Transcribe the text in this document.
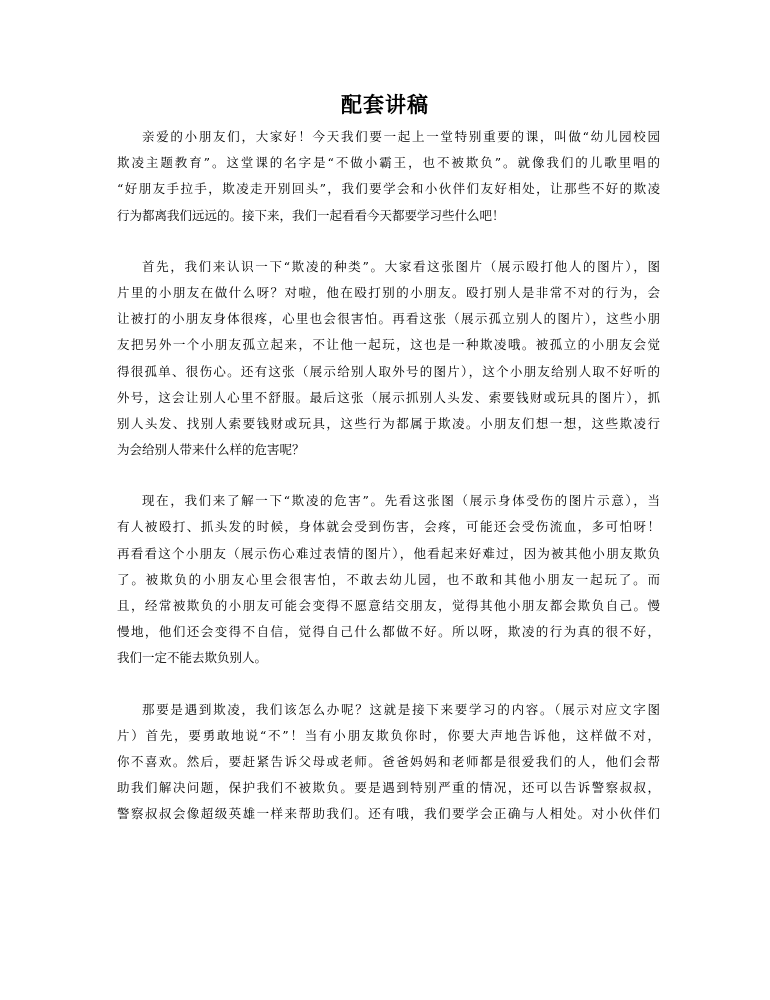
配套讲稿
亲爱的小朋友们，大家好！今天我们要一起上一堂特别重要的课，叫做“幼儿园校园
欺凌主题教育”。这堂课的名字是“不做小霸王，也不被欺负”。就像我们的儿歌里唱的
“好朋友手拉手，欺凌走开别回头”，我们要学会和小伙伴们友好相处，让那些不好的欺凌
行为都离我们远远的。接下来，我们一起看看今天都要学习些什么吧！
首先，我们来认识一下“欺凌的种类”。大家看这张图片（展示殴打他人的图片），图
片里的小朋友在做什么呀？对啦，他在殴打别的小朋友。殴打别人是非常不对的行为，会
让被打的小朋友身体很疼，心里也会很害怕。再看这张（展示孤立别人的图片），这些小朋
友把另外一个小朋友孤立起来，不让他一起玩，这也是一种欺凌哦。被孤立的小朋友会觉
得很孤单、很伤心。还有这张（展示给别人取外号的图片），这个小朋友给别人取不好听的
外号，这会让别人心里不舒服。最后这张（展示抓别人头发、索要钱财或玩具的图片），抓
别人头发、找别人索要钱财或玩具，这些行为都属于欺凌。小朋友们想一想，这些欺凌行
为会给别人带来什么样的危害呢？
现在，我们来了解一下“欺凌的危害”。先看这张图（展示身体受伤的图片示意），当
有人被殴打、抓头发的时候，身体就会受到伤害，会疼，可能还会受伤流血，多可怕呀！
再看看这个小朋友（展示伤心难过表情的图片），他看起来好难过，因为被其他小朋友欺负
了。被欺负的小朋友心里会很害怕，不敢去幼儿园，也不敢和其他小朋友一起玩了。而
且，经常被欺负的小朋友可能会变得不愿意结交朋友，觉得其他小朋友都会欺负自己。慢
慢地，他们还会变得不自信，觉得自己什么都做不好。所以呀，欺凌的行为真的很不好，
我们一定不能去欺负别人。
那要是遇到欺凌，我们该怎么办呢？这就是接下来要学习的内容。（展示对应文字图
片）首先，要勇敢地说“不”！当有小朋友欺负你时，你要大声地告诉他，这样做不对，
你不喜欢。然后，要赶紧告诉父母或老师。爸爸妈妈和老师都是很爱我们的人，他们会帮
助我们解决问题，保护我们不被欺负。要是遇到特别严重的情况，还可以告诉警察叔叔，
警察叔叔会像超级英雄一样来帮助我们。还有哦，我们要学会正确与人相处。对小伙伴们
